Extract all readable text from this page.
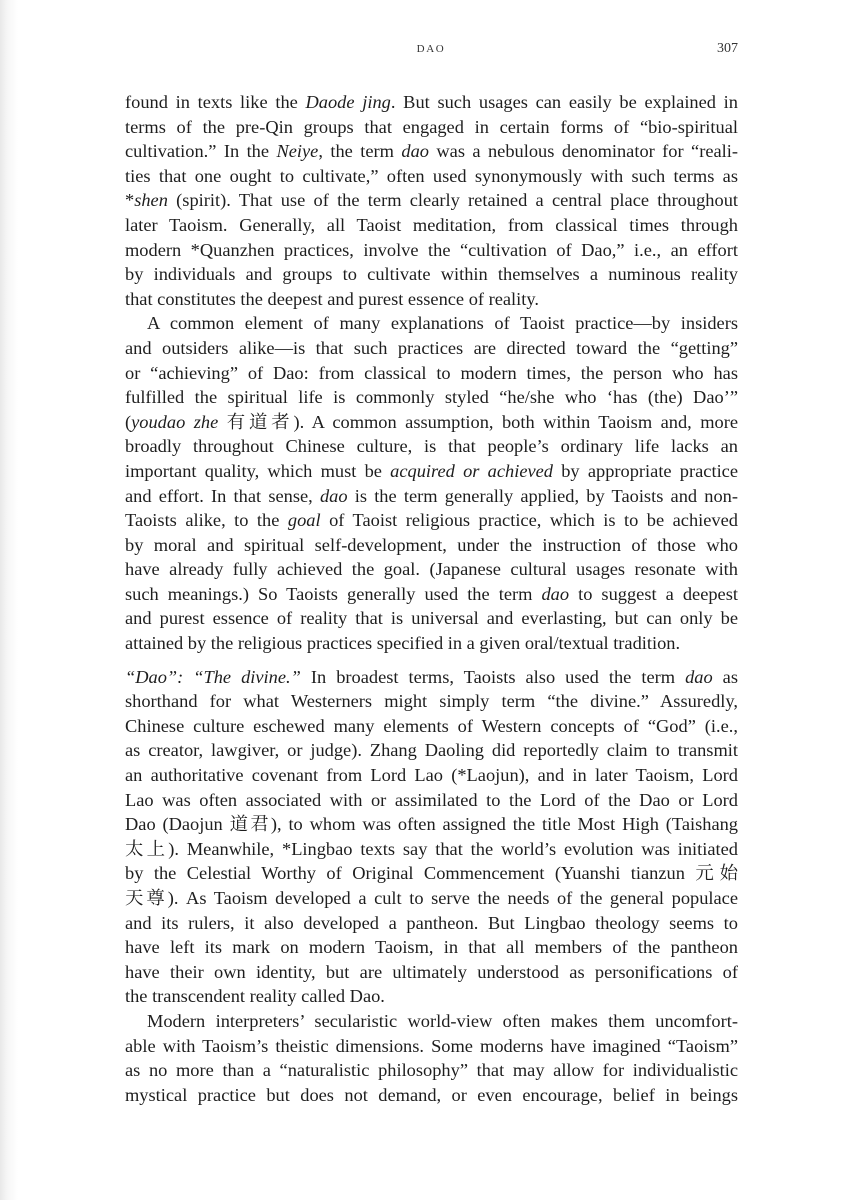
DAO	307
found in texts like the Daode jing. But such usages can easily be explained in
terms of the pre-Qin groups that engaged in certain forms of “bio-spiritual
cultivation.” In the Neiye, the term dao was a nebulous denominator for “reali-
ties that one ought to cultivate,” often used synonymously with such terms as
*shen (spirit). That use of the term clearly retained a central place throughout
later Taoism. Generally, all Taoist meditation, from classical times through
modern *Quanzhen practices, involve the “cultivation of Dao,” i.e., an effort
by individuals and groups to cultivate within themselves a numinous reality
that constitutes the deepest and purest essence of reality.
A common element of many explanations of Taoist practice—by insiders
and outsiders alike—is that such practices are directed toward the “getting”
or “achieving” of Dao: from classical to modern times, the person who has
fulfilled the spiritual life is commonly styled “he/she who ‘has (the) Dao’”
(youdao zhe 有道者). A common assumption, both within Taoism and, more
broadly throughout Chinese culture, is that people’s ordinary life lacks an
important quality, which must be acquired or achieved by appropriate practice
and effort. In that sense, dao is the term generally applied, by Taoists and non-
Taoists alike, to the goal of Taoist religious practice, which is to be achieved
by moral and spiritual self-development, under the instruction of those who
have already fully achieved the goal. (Japanese cultural usages resonate with
such meanings.) So Taoists generally used the term dao to suggest a deepest
and purest essence of reality that is universal and everlasting, but can only be
attained by the religious practices specified in a given oral/textual tradition.
“Dao”: “The divine.” In broadest terms, Taoists also used the term dao as
shorthand for what Westerners might simply term “the divine.” Assuredly,
Chinese culture eschewed many elements of Western concepts of “God” (i.e.,
as creator, lawgiver, or judge). Zhang Daoling did reportedly claim to transmit
an authoritative covenant from Lord Lao (*Laojun), and in later Taoism, Lord
Lao was often associated with or assimilated to the Lord of the Dao or Lord
Dao (Daojun 道君), to whom was often assigned the title Most High (Taishang
太上). Meanwhile, *Lingbao texts say that the world’s evolution was initiated
by the Celestial Worthy of Original Commencement (Yuanshi tianzun 元始
天尊). As Taoism developed a cult to serve the needs of the general populace
and its rulers, it also developed a pantheon. But Lingbao theology seems to
have left its mark on modern Taoism, in that all members of the pantheon
have their own identity, but are ultimately understood as personifications of
the transcendent reality called Dao.
Modern interpreters’ secularistic world-view often makes them uncomfort-
able with Taoism’s theistic dimensions. Some moderns have imagined “Taoism”
as no more than a “naturalistic philosophy” that may allow for individualistic
mystical practice but does not demand, or even encourage, belief in beings
